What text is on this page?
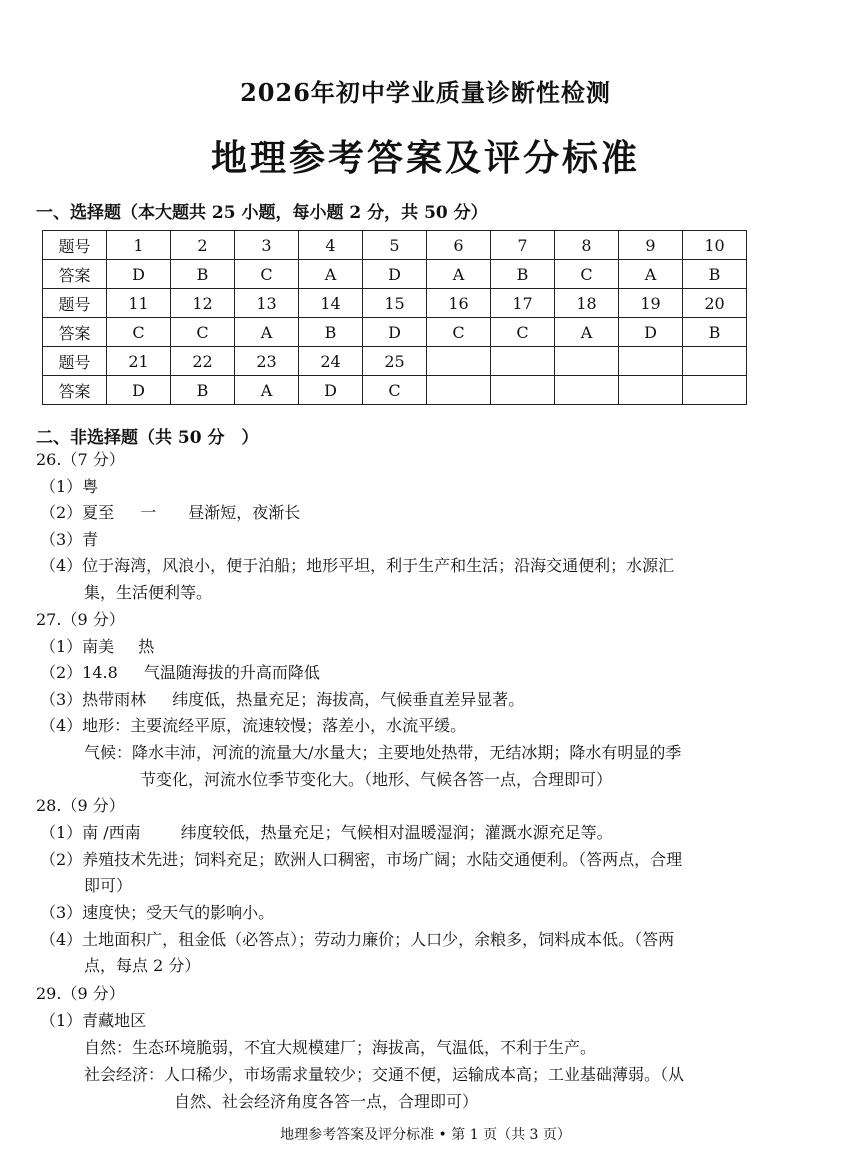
2026年初中学业质量诊断性检测
地理参考答案及评分标准
一、选择题（本大题共 25 小题，每小题 2 分，共 50 分）
题号	1	2	3	4	5	6	7	8	9	10
答案	D	B	C	A	D	A	B	C	A	B
题号	11	12	13	14	15	16	17	18	19	20
答案	C	C	A	B	D	C	C	A	D	B
题号	21	22	23	24	25					
答案	D	B	A	D	C					
二、非选择题（共 50 分　）
26.（7 分）
（1）粤
（2）夏至 一 昼渐短，夜渐长
（3）青
（4）位于海湾，风浪小，便于泊船；地形平坦，利于生产和生活；沿海交通便利；水源汇
集，生活便利等。
27.（9 分）
（1）南美 热
（2）14.8 气温随海拔的升高而降低
（3）热带雨林 纬度低，热量充足；海拔高，气候垂直差异显著。
（4）地形：主要流经平原，流速较慢；落差小，水流平缓。
气候：降水丰沛，河流的流量大/水量大；主要地处热带，无结冰期；降水有明显的季
节变化，河流水位季节变化大。（地形、气候各答一点，合理即可）
28.（9 分）
（1）南 /西南	纬度较低，热量充足；气候相对温暖湿润；灌溉水源充足等。
（2）养殖技术先进；饲料充足；欧洲人口稠密，市场广阔；水陆交通便利。（答两点，合理
即可）
（3）速度快；受天气的影响小。
（4）土地面积广，租金低（必答点）；劳动力廉价；人口少，余粮多，饲料成本低。（答两
点，每点 2 分）
29.（9 分）
（1）青藏地区
自然：生态环境脆弱，不宜大规模建厂；海拔高，气温低，不利于生产。
社会经济：人口稀少，市场需求量较少；交通不便，运输成本高；工业基础薄弱。（从
自然、社会经济角度各答一点，合理即可）
地理参考答案及评分标准 • 第 1 页（共 3 页）
